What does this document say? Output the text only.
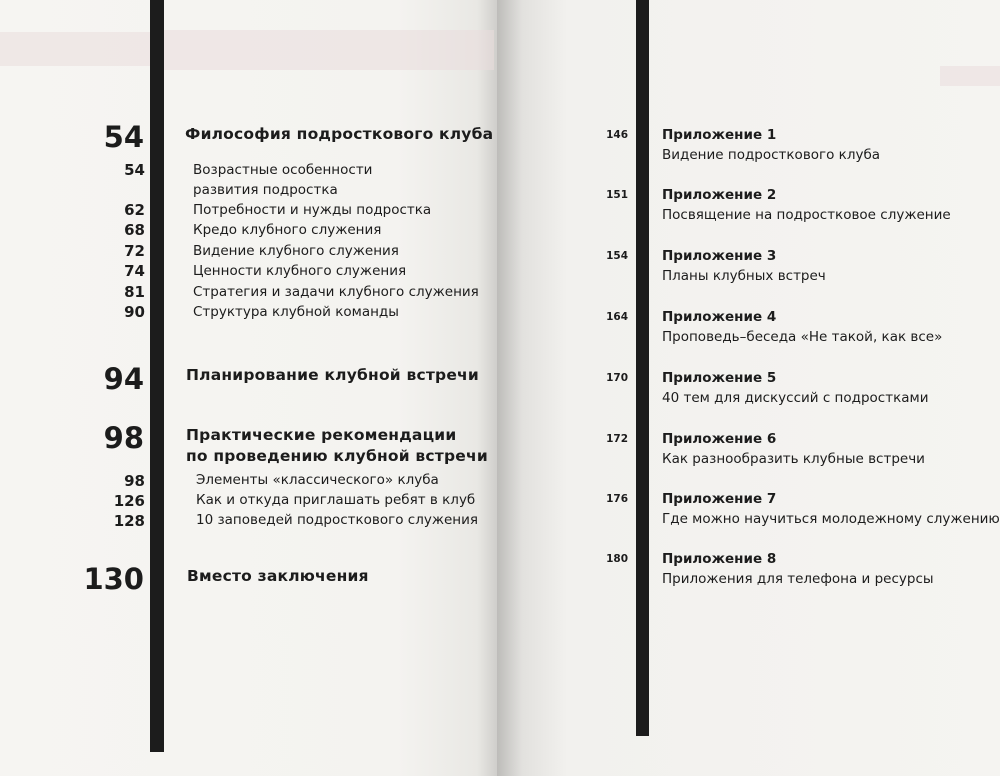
54	Философия подросткового клуба
54	Возрастные особенности
развития подростка
62	Потребности и нужды подростка
68	Кредо клубного служения
72	Видение клубного служения
74	Ценности клубного служения
81	Стратегия и задачи клубного служения
90	Структура клубной команды
94	Планирование клубной встречи
98	Практические рекомендации
по проведению клубной встречи
98	Элементы «классического» клуба
126	Как и откуда приглашать ребят в клуб
128	10 заповедей подросткового служения
130	Вместо заключения
146	Приложение 1
Видение подросткового клуба
151	Приложение 2
Посвящение на подростковое служение
154	Приложение 3
Планы клубных встреч
164	Приложение 4
Проповедь–беседа «Не такой, как все»
170	Приложение 5
40 тем для дискуссий с подростками
172	Приложение 6
Как разнообразить клубные встречи
176	Приложение 7
Где можно научиться молодежному служению
180	Приложение 8
Приложения для телефона и ресурсы
